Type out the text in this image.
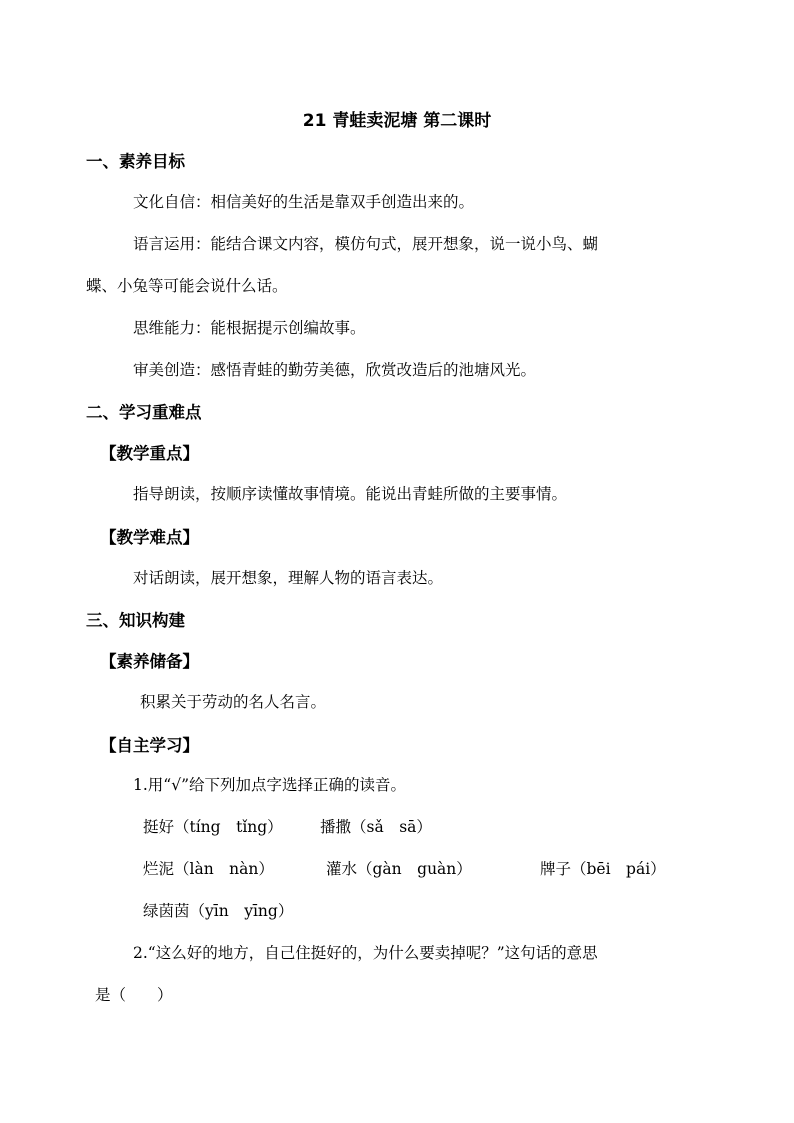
21 青蛙卖泥塘 第二课时
一、素养目标
文化自信：相信美好的生活是靠双手创造出来的。
语言运用：能结合课文内容，模仿句式，展开想象，说一说小鸟、蝴
蝶、小兔等可能会说什么话。
思维能力：能根据提示创编故事。
审美创造：感悟青蛙的勤劳美德，欣赏改造后的池塘风光。
二、学习重难点
【教学重点】
指导朗读，按顺序读懂故事情境。能说出青蛙所做的主要事情。
【教学难点】
对话朗读，展开想象，理解人物的语言表达。
三、知识构建
【素养储备】
积累关于劳动的名人名言。
【自主学习】
1.用“√”给下列加点字选择正确的读音。
挺好（tíng　tǐng） 播撒（sǎ　sā）
烂泥（làn　nàn）	灌水（gàn　guàn）	牌子（bēi　pái）
绿茵茵（yīn　yīng）
2.“这么好的地方，自己住挺好的，为什么要卖掉呢？”这句话的意思
是（　　）
